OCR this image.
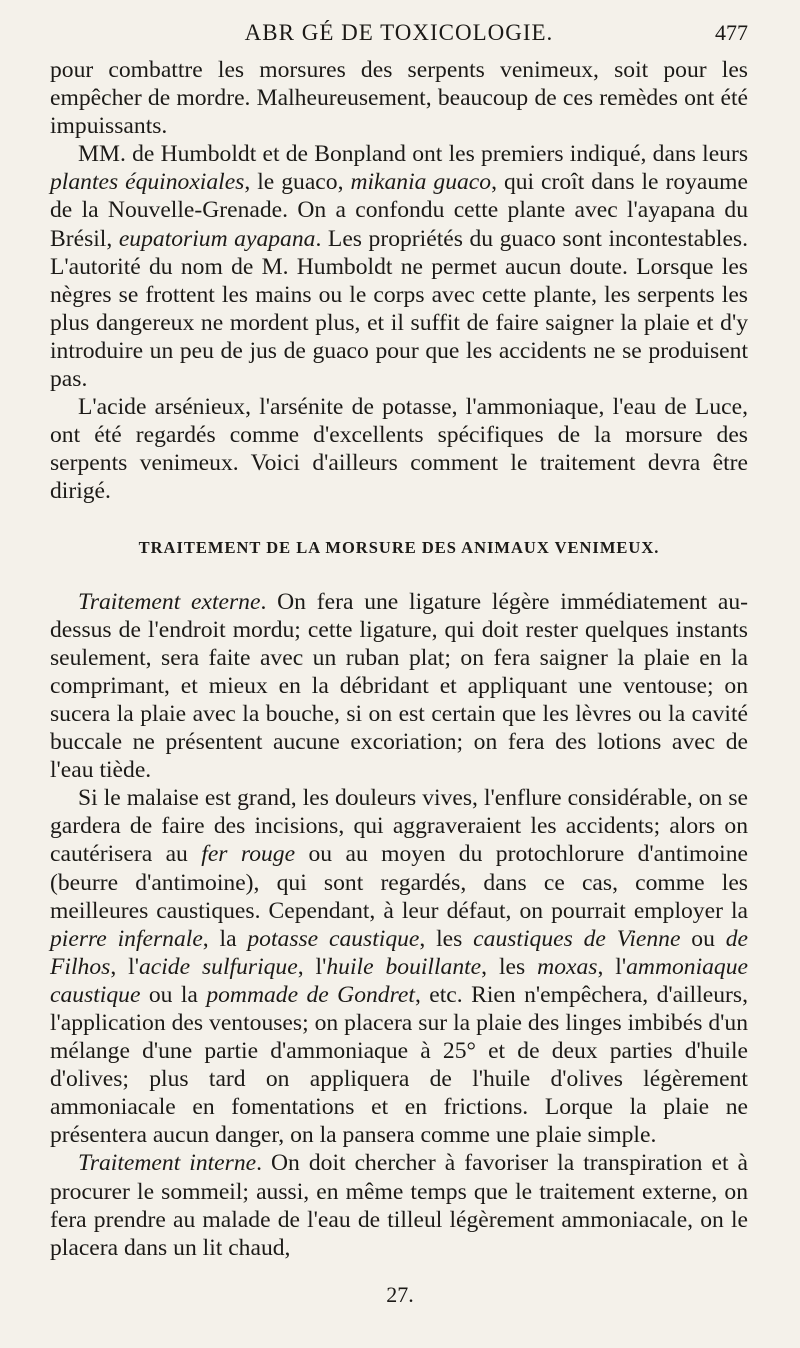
ABR GÉ DE TOXICOLOGIE.	477

pour combattre les morsures des serpents venimeux, soit pour les empêcher de mordre. Malheureusement, beaucoup de ces remèdes ont été impuissants.

MM. de Humboldt et de Bonpland ont les premiers indiqué, dans leurs plantes équinoxiales, le guaco, mikania guaco, qui croît dans le royaume de la Nouvelle-Grenade. On a confondu cette plante avec l'ayapana du Brésil, eupatorium ayapana. Les propriétés du guaco sont incontestables. L'autorité du nom de M. Humboldt ne permet aucun doute. Lorsque les nègres se frottent les mains ou le corps avec cette plante, les serpents les plus dangereux ne mordent plus, et il suffit de faire saigner la plaie et d'y introduire un peu de jus de guaco pour que les accidents ne se produisent pas.

L'acide arsénieux, l'arsénite de potasse, l'ammoniaque, l'eau de Luce, ont été regardés comme d'excellents spécifiques de la morsure des serpents venimeux. Voici d'ailleurs comment le traitement devra être dirigé.

TRAITEMENT DE LA MORSURE DES ANIMAUX VENIMEUX.

Traitement externe. On fera une ligature légère immédiatement au-dessus de l'endroit mordu; cette ligature, qui doit rester quelques instants seulement, sera faite avec un ruban plat; on fera saigner la plaie en la comprimant, et mieux en la débridant et appliquant une ventouse; on sucera la plaie avec la bouche, si on est certain que les lèvres ou la cavité buccale ne présentent aucune excoriation; on fera des lotions avec de l'eau tiède.

Si le malaise est grand, les douleurs vives, l'enflure considérable, on se gardera de faire des incisions, qui aggraveraient les accidents; alors on cautérisera au fer rouge ou au moyen du protochlorure d'antimoine (beurre d'antimoine), qui sont regardés, dans ce cas, comme les meilleures caustiques. Cependant, à leur défaut, on pourrait employer la pierre infernale, la potasse caustique, les caustiques de Vienne ou de Filhos, l'acide sulfurique, l'huile bouillante, les moxas, l'ammoniaque caustique ou la pommade de Gondret, etc. Rien n'empêchera, d'ailleurs, l'application des ventouses; on placera sur la plaie des linges imbibés d'un mélange d'une partie d'ammoniaque à 25° et de deux parties d'huile d'olives; plus tard on appliquera de l'huile d'olives légèrement ammoniacale en fomentations et en frictions. Lorque la plaie ne présentera aucun danger, on la pansera comme une plaie simple.

Traitement interne. On doit chercher à favoriser la transpiration et à procurer le sommeil; aussi, en même temps que le traitement externe, on fera prendre au malade de l'eau de tilleul légèrement ammoniacale, on le placera dans un lit chaud,

27.
